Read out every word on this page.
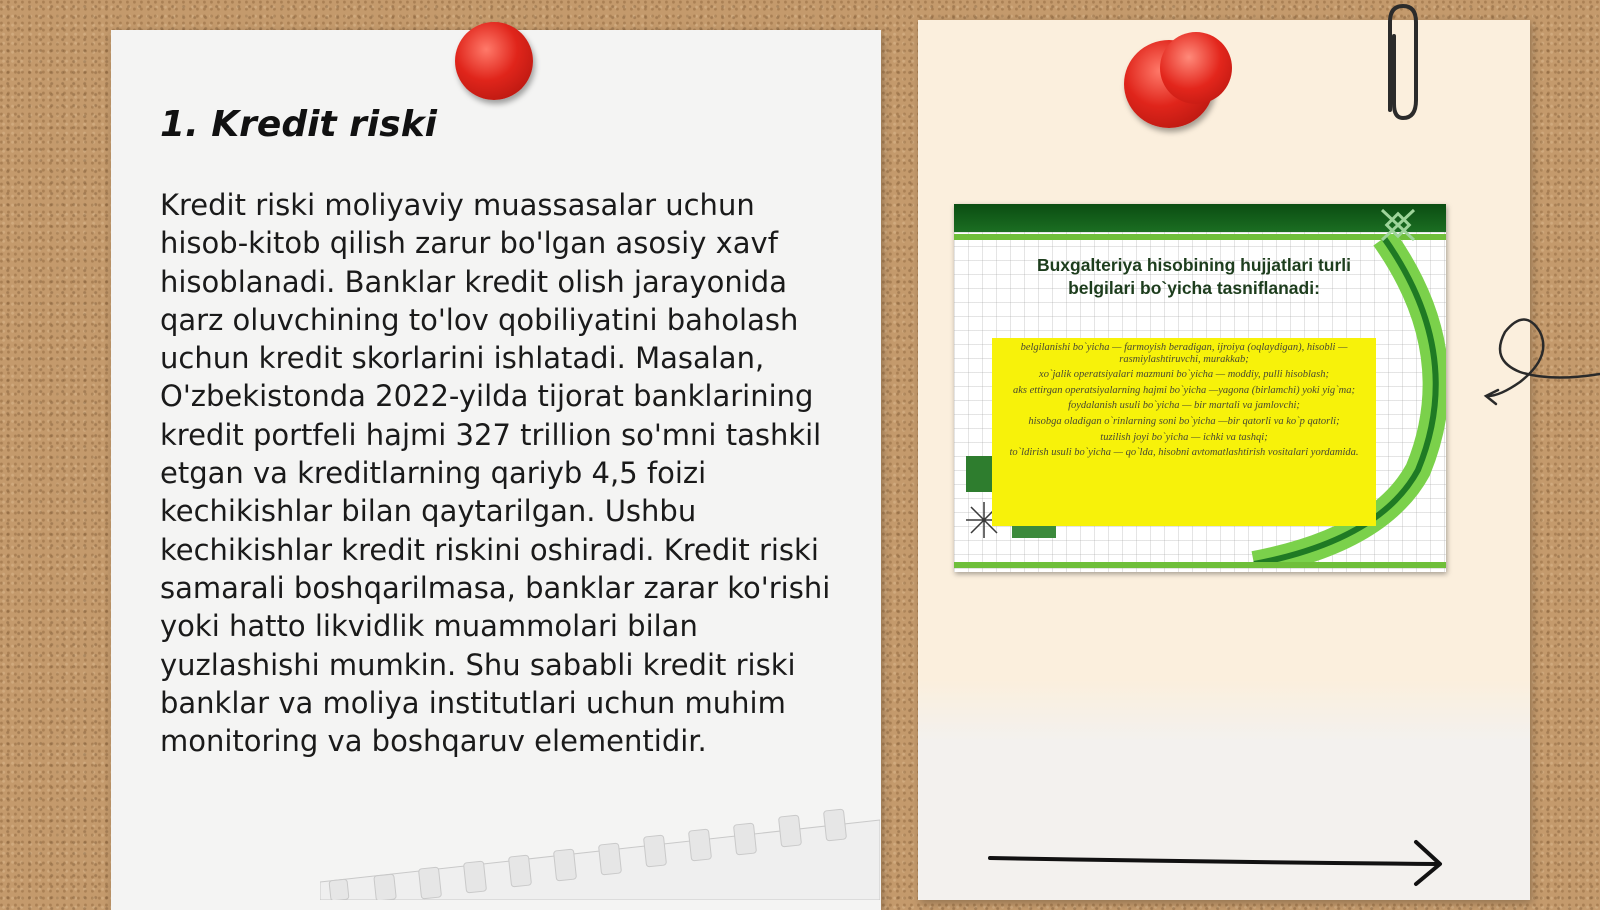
1. Kredit riski

Kredit riski moliyaviy muassasalar uchun hisob-kitob qilish zarur bo'lgan asosiy xavf hisoblanadi. Banklar kredit olish jarayonida qarz oluvchining to'lov qobiliyatini baholash uchun kredit skorlarini ishlatadi. Masalan, O'zbekistonda 2022-yilda tijorat banklarining kredit portfeli hajmi 327 trillion so'mni tashkil etgan va kreditlarning qariyb 4,5 foizi kechikishlar bilan qaytarilgan. Ushbu kechikishlar kredit riskini oshiradi. Kredit riski samarali boshqarilmasa, banklar zarar ko'rishi yoki hatto likvidlik muammolari bilan yuzlashishi mumkin. Shu sababli kredit riski banklar va moliya institutlari uchun muhim monitoring va boshqaruv elementidir.

Buxgalteriya hisobining hujjatlari turli belgilari bo`yicha tasniflanadi:

belgilanishi bo`yicha — farmoyish beradigan, ijroiya (oqlaydigan), hisobli — rasmiylashtiruvchi, murakkab;

xo`jalik operatsiyalari mazmuni bo`yicha — moddiy, pulli hisoblash;

aks ettirgan operatsiyalarning hajmi bo`yicha —yagona (birlamchi) yoki yig`ma;

foydalanish usuli bo`yicha — bir martali va jamlovchi;

hisobga oladigan o`rinlarning soni bo`yicha —bir qatorli va ko`p qatorli;

tuzilish joyi bo`yicha — ichki va tashqi;

to`ldirish usuli bo`yicha — qo`lda, hisobni avtomatlashtirish vositalari yordamida.
